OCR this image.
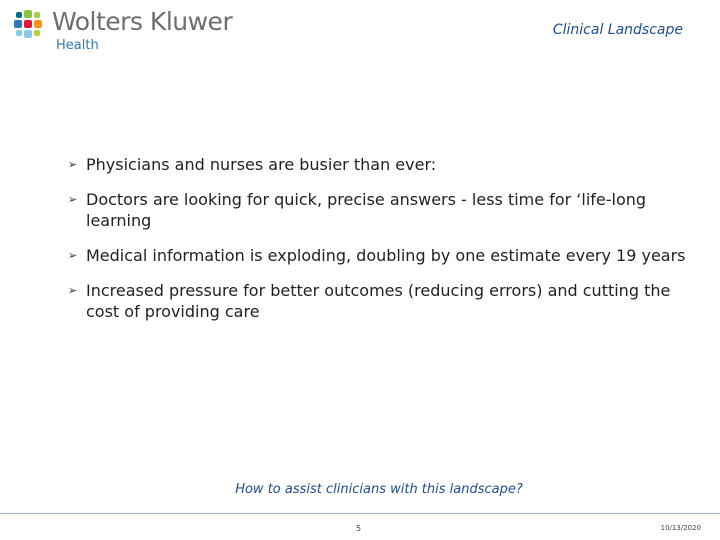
Wolters Kluwer
Health
Clinical Landscape
➢ Physicians and nurses are busier than ever:
➢ Doctors are looking for quick, precise answers - less time for ‘life-long learning
➢ Medical information is exploding, doubling by one estimate every 19 years
➢ Increased pressure for better outcomes (reducing errors) and cutting the cost of providing care
How to assist clinicians with this landscape?
5	10/13/2020
